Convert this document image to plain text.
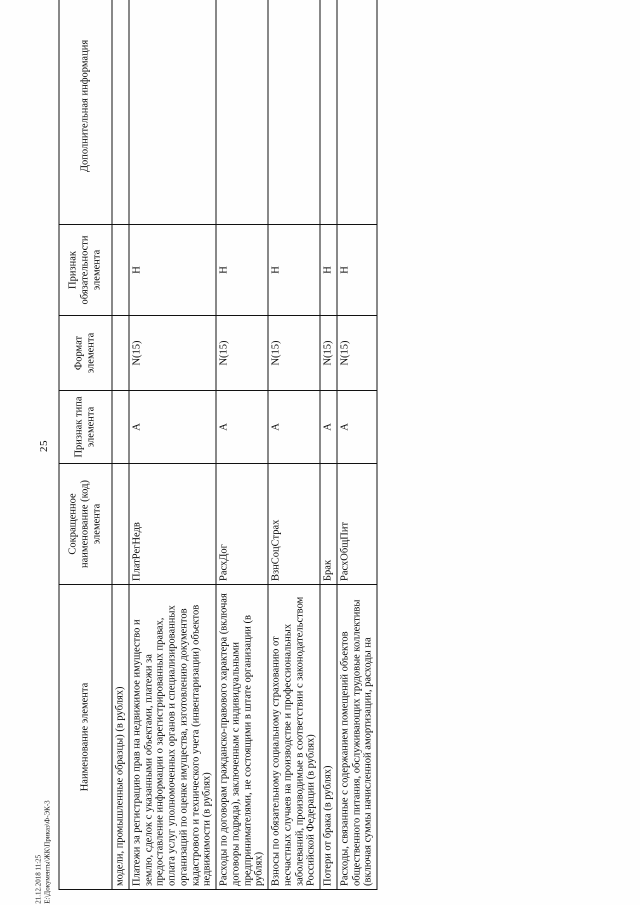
25
21.12.2018 11:25 Е:\Документы\ЖК\Приказ\Ф-ЭК-3
Наименование элемента	Сокращенное наименование (код) элемента	Признак типа элемента	Формат элемента	Признак обязательности элемента	Дополнительная информация
модели, промышленные образцы) (в рублях)					
Платежи за регистрацию прав на недвижимое имущество и землю, сделок с указанными объектами, платежи за предоставление информации о зарегистрированных правах, оплата услуг уполномоченных органов и специализированных организаций по оценке имущества, изготовлению документов кадастрового и технического учета (инвентаризации) объектов недвижимости (в рублях)	ПлатРегНедв	А	N(15)	Н	
Расходы по договорам гражданско-правового характера (включая договоры подряда), заключенным с индивидуальными предпринимателями, не состоящими в штате организации (в рублях)	РасхДог	А	N(15)	Н	
Взносы по обязательному социальному страхованию от несчастных случаев на производстве и профессиональных заболеваний, производимые в соответствии с законодательством Российской Федерации (в рублях)	ВзнСоцСтрах	А	N(15)	Н	
Потери от брака (в рублях)	Брак	А	N(15)	Н	
Расходы, связанные с содержанием помещений объектов общественного питания, обслуживающих трудовые коллективы (включая суммы начисленной амортизации, расходы на	РасхОбщПит	А	N(15)	Н	
